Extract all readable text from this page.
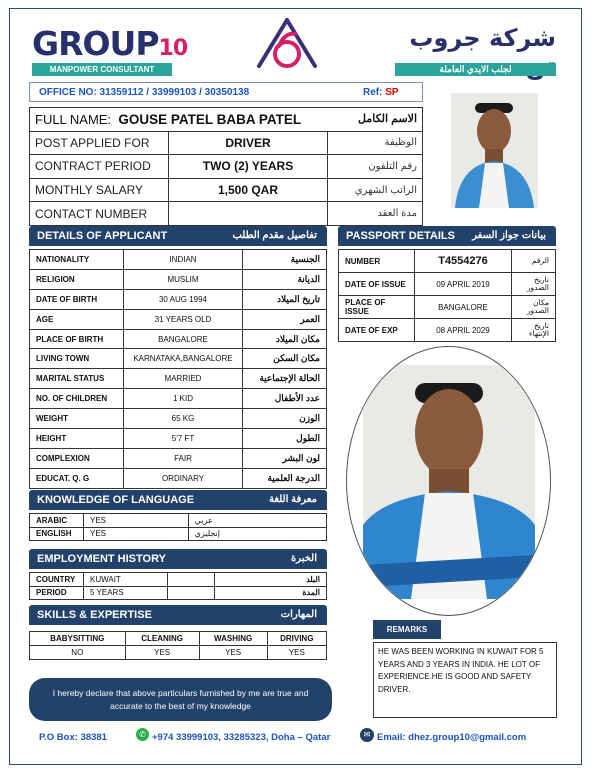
GROUP10
MANPOWER CONSULTANT
شركة جروب
لجلب الايدي العاملة
OFFICE NO: 31359112 / 33999103 / 30350138	Ref: SP
FULL NAME: GOUSE PATEL BABA PATEL الاسم الكامل		

POST APPLIED FOR	DRIVER	الوظيفة
CONTRACT PERIOD	TWO (2) YEARS	رقم التلفون
MONTHLY SALARY	1,500 QAR	الراتب الشهري
CONTACT NUMBER		مدة العقد
DETAILS OF APPLICANT	تفاصيل مقدم الطلب
NATIONALITY	INDIAN	الجنسية
RELIGION	MUSLIM	الديانة
DATE OF BIRTH	30 AUG 1994	تاريخ الميلاد
AGE	31 YEARS OLD	العمر
PLACE OF BIRTH	BANGALORE	مكان الميلاد
LIVING TOWN	KARNATAKA,BANGALORE	مكان السكن
MARITAL STATUS	MARRIED	الحالة الإجتماعية
NO. OF CHILDREN	1 KID	عدد الأطفال
WEIGHT	65 KG	الوزن
HEIGHT	5'7 FT	الطول
COMPLEXION	FAIR	لون البشر
EDUCAT. Q. G	ORDINARY	الدرجة العلمية
PASSPORT DETAILS بيانات جواز السفر
NUMBER	T4554276	الرقم
DATE OF ISSUE	09 APRIL 2019	تاريخ الصدور
PLACE OF ISSUE	BANGALORE	مكان الصدور
DATE OF EXP	08 APRIL 2029	تاريخ الإنتهاء
KNOWLEDGE OF LANGUAGE	معرفة اللغة
ARABIC	YES	عربي
ENGLISH	YES	إنجليزي
EMPLOYMENT HISTORY	الخبرة
COUNTRY	KUWAIT		البلد
PERIOD	5 YEARS		المدة
SKILLS & EXPERTISE	المهارات
BABYSITTING	CLEANING	WASHING	DRIVING
NO	YES	YES	YES
REMARKS
HE WAS BEEN WORKING IN KUWAIT FOR 5 YEARS AND 3 YEARS IN INDIA. HE LOT OF EXPERIENCE.HE IS GOOD AND SAFETY DRIVER.
I hereby declare that above particulars furnished by me are true and accurate to the best of my knowledge
P.O Box: 38381	✆ +974 33999103, 33285323, Doha – Qatar	✉ Email: dhez.group10@gmail.com
